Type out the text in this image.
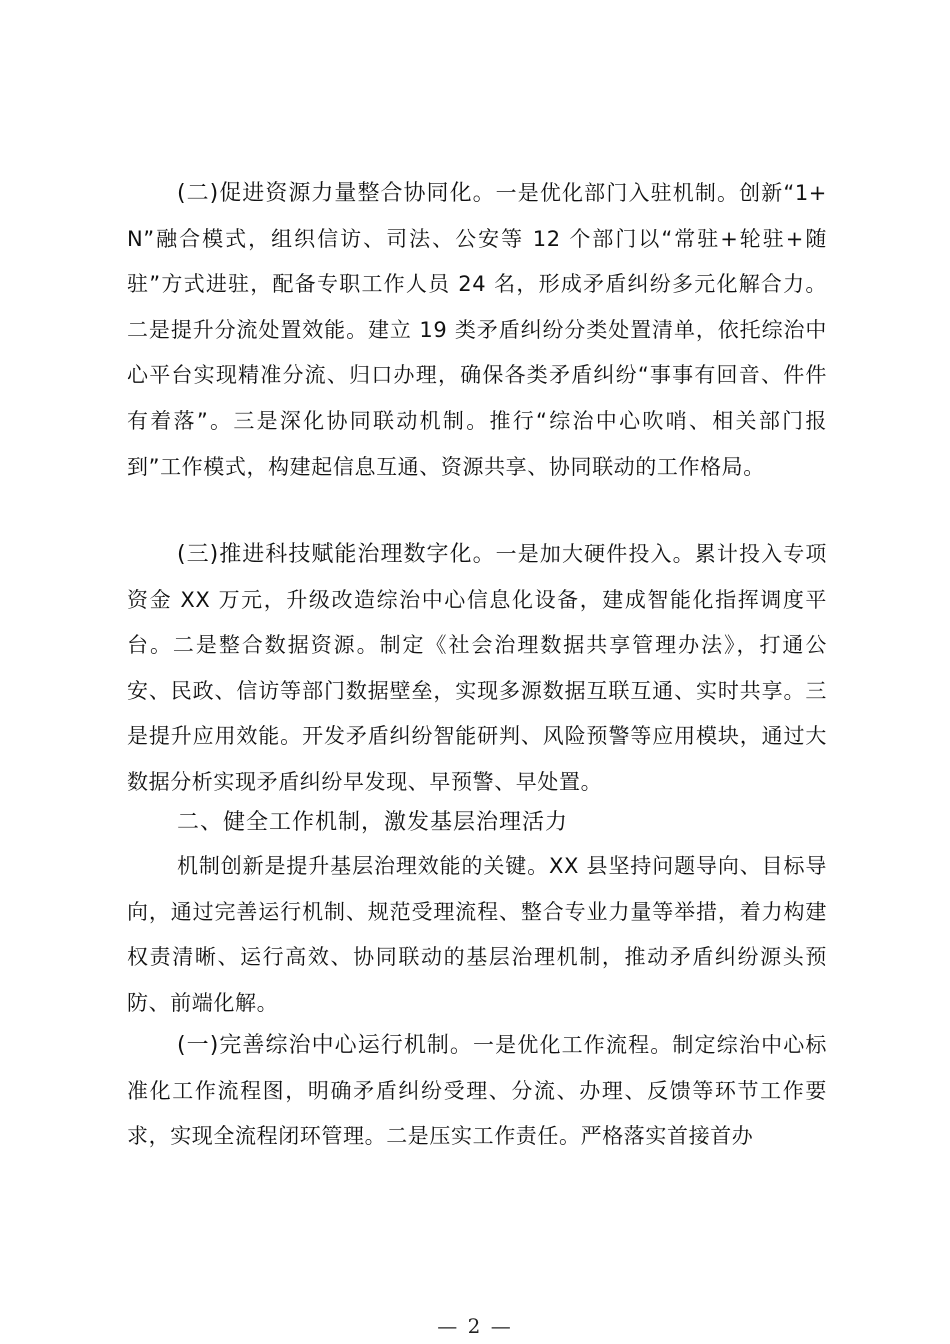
(二)促进资源力量整合协同化。一是优化部门入驻机制。创新“1+N”融合模式，组织信访、司法、公安等 12 个部门以“常驻+轮驻+随驻”方式进驻，配备专职工作人员 24 名，形成矛盾纠纷多元化解合力。二是提升分流处置效能。建立 19 类矛盾纠纷分类处置清单，依托综治中心平台实现精准分流、归口办理，确保各类矛盾纠纷“事事有回音、件件有着落”。三是深化协同联动机制。推行“综治中心吹哨、相关部门报到”工作模式，构建起信息互通、资源共享、协同联动的工作格局。

(三)推进科技赋能治理数字化。一是加大硬件投入。累计投入专项资金 XX 万元，升级改造综治中心信息化设备，建成智能化指挥调度平台。二是整合数据资源。制定《社会治理数据共享管理办法》，打通公安、民政、信访等部门数据壁垒，实现多源数据互联互通、实时共享。三是提升应用效能。开发矛盾纠纷智能研判、风险预警等应用模块，通过大数据分析实现矛盾纠纷早发现、早预警、早处置。

二、健全工作机制，激发基层治理活力

机制创新是提升基层治理效能的关键。XX 县坚持问题导向、目标导向，通过完善运行机制、规范受理流程、整合专业力量等举措，着力构建权责清晰、运行高效、协同联动的基层治理机制，推动矛盾纠纷源头预防、前端化解。

(一)完善综治中心运行机制。一是优化工作流程。制定综治中心标准化工作流程图，明确矛盾纠纷受理、分流、办理、反馈等环节工作要求，实现全流程闭环管理。二是压实工作责任。严格落实首接首办

— 2 —
